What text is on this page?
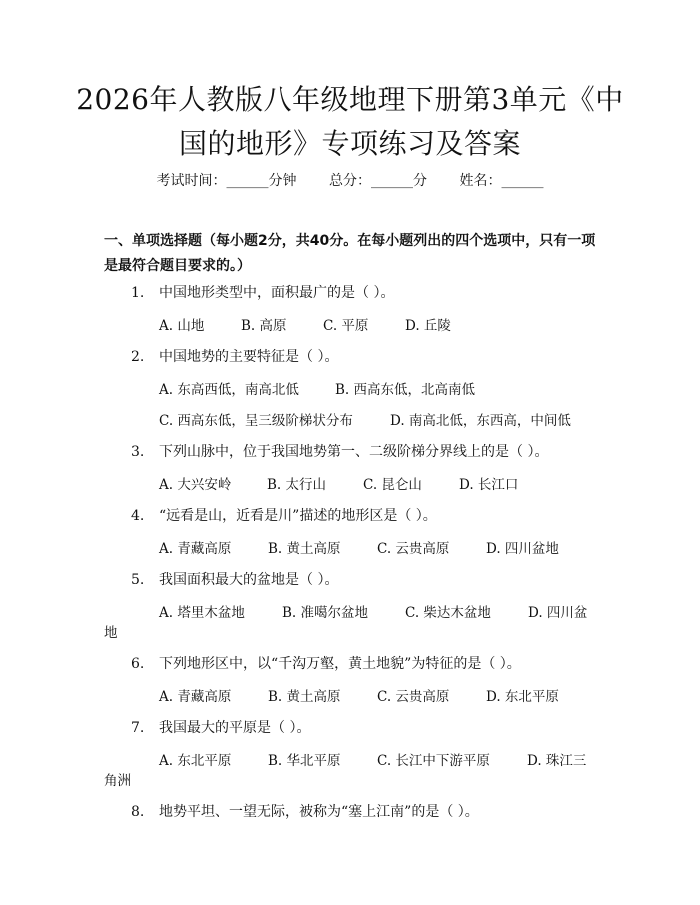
2026年人教版八年级地理下册第3单元《中
国的地形》专项练习及答案
考试时间：______分钟 总分：______分 姓名：______
一、单项选择题（每小题2分，共40分。在每小题列出的四个选项中，只有一项是最符合题目要求的。）
1. 中国地形类型中，面积最广的是（ ）。
A. 山地	B. 高原	C. 平原	D. 丘陵
2. 中国地势的主要特征是（ ）。
A. 东高西低，南高北低	B. 西高东低，北高南低
C. 西高东低，呈三级阶梯状分布	D. 南高北低，东西高，中间低
3. 下列山脉中，位于我国地势第一、二级阶梯分界线上的是（ ）。
A. 大兴安岭	B. 太行山	C. 昆仑山	D. 长江口
4. “远看是山，近看是川”描述的地形区是（ ）。
A. 青藏高原	B. 黄土高原	C. 云贵高原	D. 四川盆地
5. 我国面积最大的盆地是（ ）。
A. 塔里木盆地	B. 准噶尔盆地	C. 柴达木盆地	D. 四川盆
地
6. 下列地形区中，以“千沟万壑，黄土地貌”为特征的是（ ）。
A. 青藏高原	B. 黄土高原	C. 云贵高原	D. 东北平原
7. 我国最大的平原是（ ）。
A. 东北平原	B. 华北平原	C. 长江中下游平原	D. 珠江三
角洲
8. 地势平坦、一望无际，被称为“塞上江南”的是（ ）。
